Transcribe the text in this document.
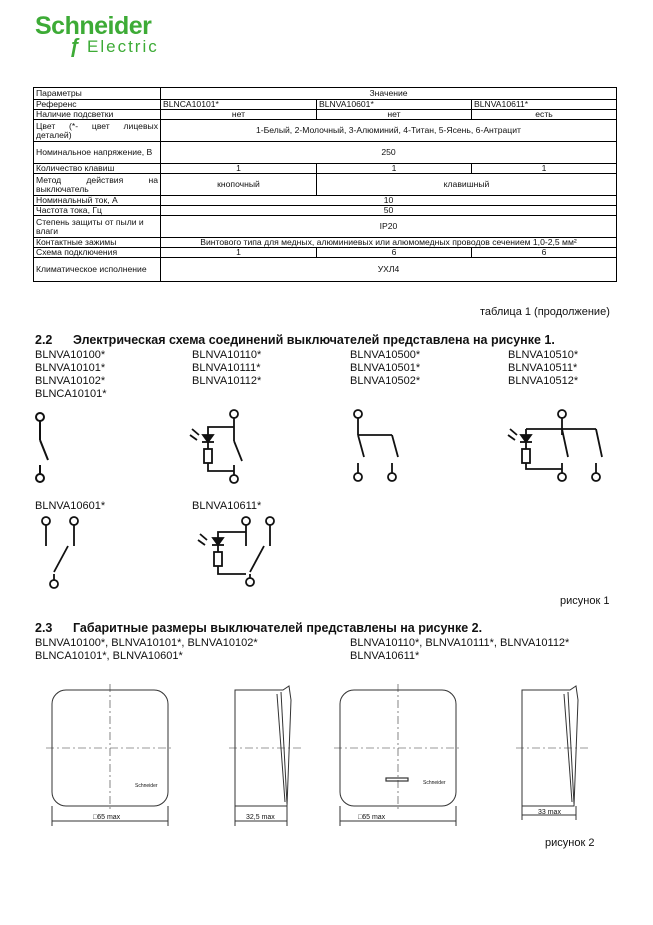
Schneider
ƒ Electric
Параметры	Значение		
Референс	BLNCA10101*	BLNVA10601*	BLNVA10611*
Наличие подсветки	нет	нет	есть
Цвет (*- цвет лицевых деталей)	1-Белый, 2-Молочный, 3-Алюминий, 4-Титан, 5-Ясень, 6-Антрацит		
Номинальное напряжение, В	250		
Количество клавиш	1	1	1
Метод действия на выключатель	кнопочный	клавишный	
Номинальный ток, А	10		
Частота тока, Гц	50		
Степень защиты от пыли и влаги	IP20		
Контактные зажимы	Винтового типа для медных, алюминиевых или алюмомедных проводов сечением 1,0-2,5 мм²		
Схема подключения	1	6	6
Климатическое исполнение	УХЛ4		
таблица 1 (продолжение)
2.2 Электрическая схема соединений выключателей представлена на рисунке 1.
BLNVA10100*
BLNVA10101*
BLNVA10102*
BLNCA10101*
BLNVA10110*
BLNVA10111*
BLNVA10112*
BLNVA10500*
BLNVA10501*
BLNVA10502*
BLNVA10510*
BLNVA10511*
BLNVA10512*
BLNVA10601*	BLNVA10611*
рисунок 1
2.3 Габаритные размеры выключателей представлены на рисунке 2.
BLNVA10100*, BLNVA10101*, BLNVA10102*
BLNCA10101*, BLNVA10601*
BLNVA10110*, BLNVA10111*, BLNVA10112*
BLNVA10611*
Schneider
□65 max	32,5 max
Schneider
□65 max
33 max
рисунок 2
